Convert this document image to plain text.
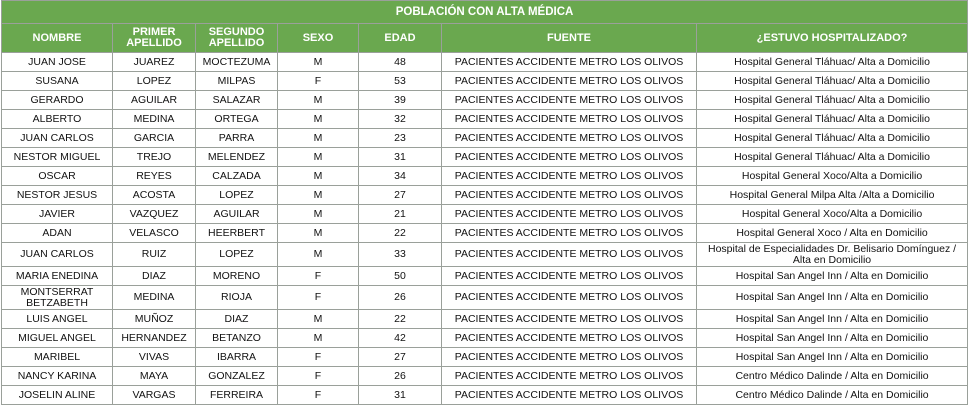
POBLACIÓN CON ALTA MÉDICA						
NOMBRE	PRIMER APELLIDO	SEGUNDO APELLIDO	SEXO	EDAD	FUENTE	¿ESTUVO HOSPITALIZADO?
JUAN JOSE	JUAREZ	MOCTEZUMA	M	48	PACIENTES ACCIDENTE METRO LOS OLIVOS	Hospital General Tláhuac/ Alta a Domicilio
SUSANA	LOPEZ	MILPAS	F	53	PACIENTES ACCIDENTE METRO LOS OLIVOS	Hospital General Tláhuac/ Alta a Domicilio
GERARDO	AGUILAR	SALAZAR	M	39	PACIENTES ACCIDENTE METRO LOS OLIVOS	Hospital General Tláhuac/ Alta a Domicilio
ALBERTO	MEDINA	ORTEGA	M	32	PACIENTES ACCIDENTE METRO LOS OLIVOS	Hospital General Tláhuac/ Alta a Domicilio
JUAN CARLOS	GARCIA	PARRA	M	23	PACIENTES ACCIDENTE METRO LOS OLIVOS	Hospital General Tláhuac/ Alta a Domicilio
NESTOR MIGUEL	TREJO	MELENDEZ	M	31	PACIENTES ACCIDENTE METRO LOS OLIVOS	Hospital General Tláhuac/ Alta a Domicilio
OSCAR	REYES	CALZADA	M	34	PACIENTES ACCIDENTE METRO LOS OLIVOS	Hospital General Xoco/Alta a Domicilio
NESTOR JESUS	ACOSTA	LOPEZ	M	27	PACIENTES ACCIDENTE METRO LOS OLIVOS	Hospital General Milpa Alta /Alta a Domicilio
JAVIER	VAZQUEZ	AGUILAR	M	21	PACIENTES ACCIDENTE METRO LOS OLIVOS	Hospital General Xoco/Alta a Domicilio
ADAN	VELASCO	HEERBERT	M	22	PACIENTES ACCIDENTE METRO LOS OLIVOS	Hospital General Xoco / Alta en Domicilio
JUAN CARLOS	RUIZ	LOPEZ	M	33	PACIENTES ACCIDENTE METRO LOS OLIVOS	Hospital de Especialidades Dr. Belisario Domínguez / Alta en Domicilio
MARIA ENEDINA	DIAZ	MORENO	F	50	PACIENTES ACCIDENTE METRO LOS OLIVOS	Hospital San Angel Inn / Alta en Domicilio
MONTSERRAT BETZABETH	MEDINA	RIOJA	F	26	PACIENTES ACCIDENTE METRO LOS OLIVOS	Hospital San Angel Inn / Alta en Domicilio
LUIS ANGEL	MUÑOZ	DIAZ	M	22	PACIENTES ACCIDENTE METRO LOS OLIVOS	Hospital San Angel Inn / Alta en Domicilio
MIGUEL ANGEL	HERNANDEZ	BETANZO	M	42	PACIENTES ACCIDENTE METRO LOS OLIVOS	Hospital San Angel Inn / Alta en Domicilio
MARIBEL	VIVAS	IBARRA	F	27	PACIENTES ACCIDENTE METRO LOS OLIVOS	Hospital San Angel Inn / Alta en Domicilio
NANCY KARINA	MAYA	GONZALEZ	F	26	PACIENTES ACCIDENTE METRO LOS OLIVOS	Centro Médico Dalinde / Alta en Domicilio
JOSELIN ALINE	VARGAS	FERREIRA	F	31	PACIENTES ACCIDENTE METRO LOS OLIVOS	Centro Médico Dalinde / Alta en Domicilio
